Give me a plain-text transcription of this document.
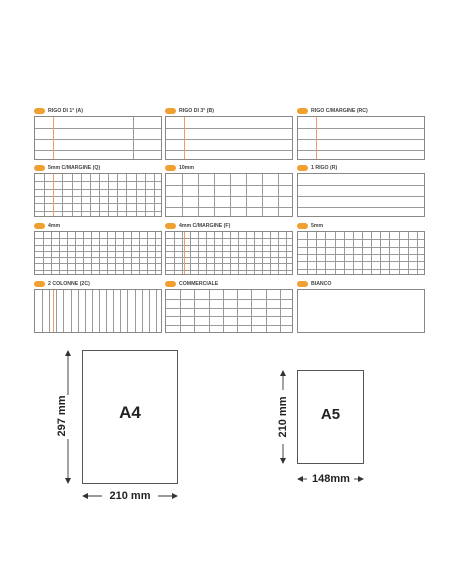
RIGO DI 1° (A)	RIGO DI 3° (B)	RIGO C/MARGINE (RC)
5mm C/MARGINE (Q)	10mm	1 RIGO (R)
4mm	4mm C/MARGINE (F)	5mm
2 COLONNE (2C)	COMMERCIALE	BIANCO
A4
297 mm
210 mm
A5
210 mm
148mm
